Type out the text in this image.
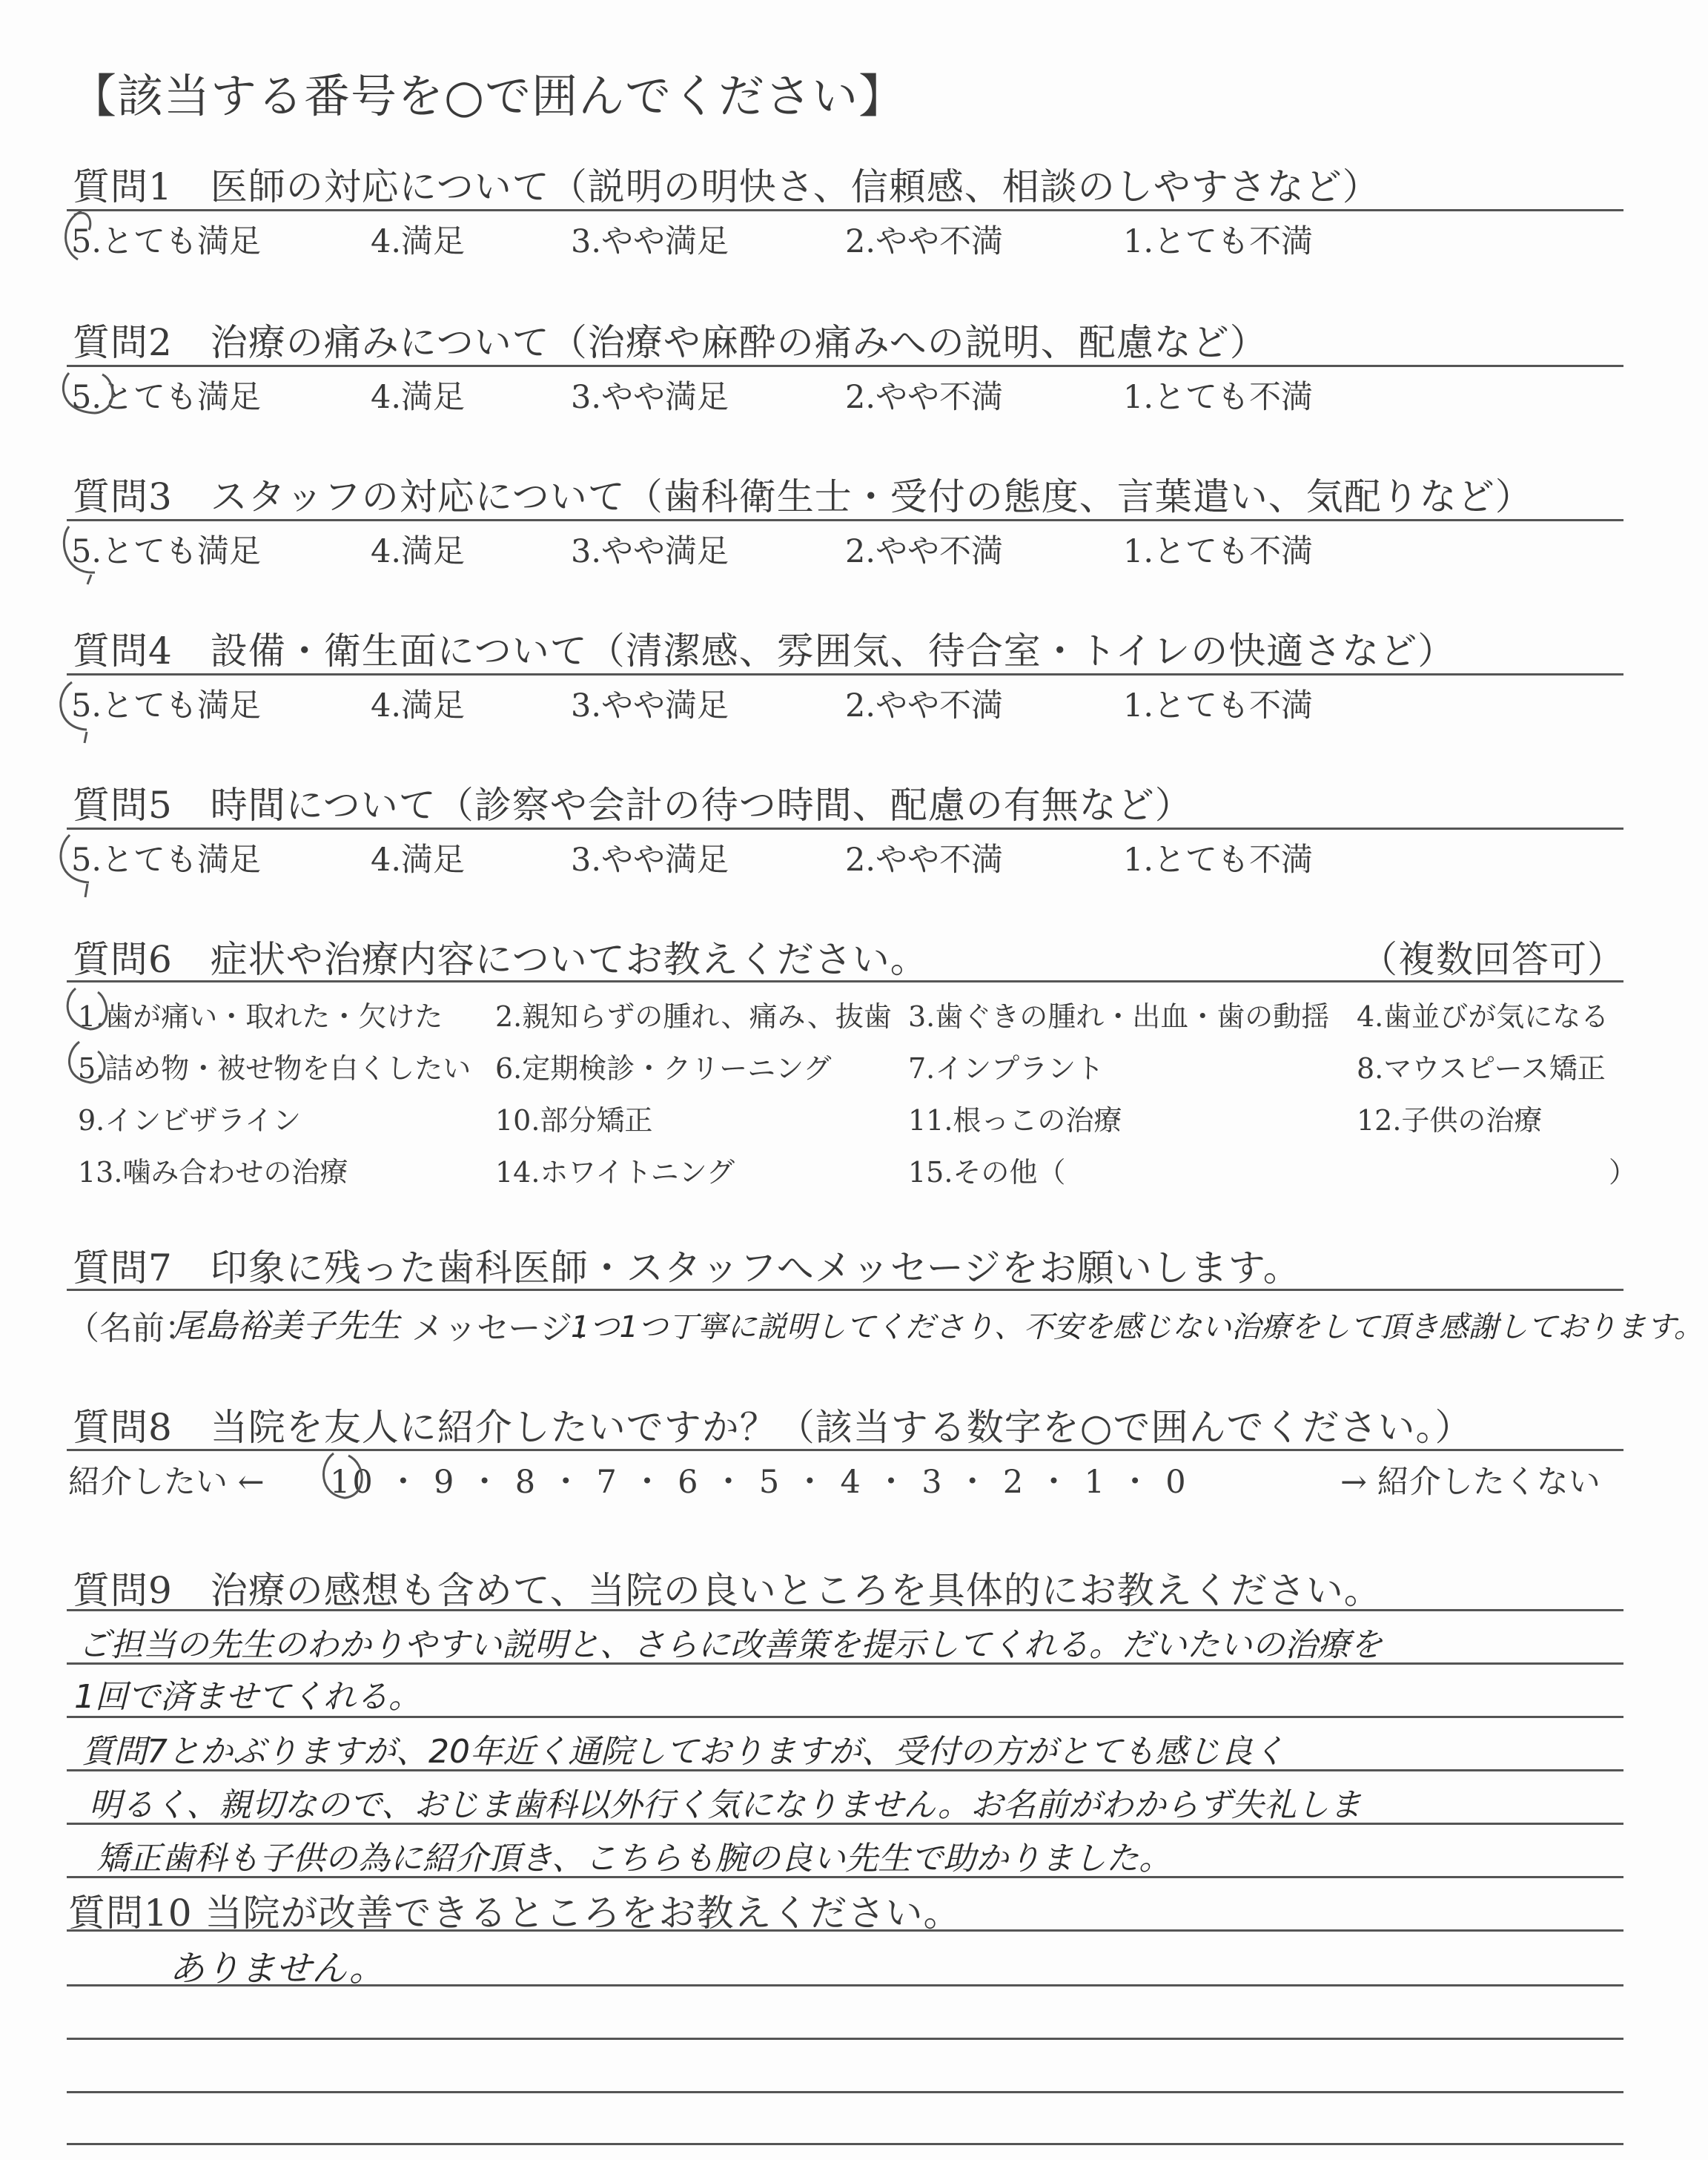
【該当する番号を○で囲んでください】
質問1　医師の対応について（説明の明快さ、信頼感、相談のしやすさなど）
5.とても満足	4.満足	3.やや満足	2.やや不満	1.とても不満
質問2　治療の痛みについて（治療や麻酔の痛みへの説明、配慮など）
5.とても満足	4.満足	3.やや満足	2.やや不満	1.とても不満
質問3　スタッフの対応について（歯科衛生士・受付の態度、言葉遣い、気配りなど）
5.とても満足	4.満足	3.やや満足	2.やや不満	1.とても不満
質問4　設備・衛生面について（清潔感、雰囲気、待合室・トイレの快適さなど）
5.とても満足	4.満足	3.やや満足	2.やや不満	1.とても不満
質問5　時間について（診察や会計の待つ時間、配慮の有無など）
5.とても満足	4.満足	3.やや満足	2.やや不満	1.とても不満
質問6　症状や治療内容についてお教えください。	（複数回答可）
1.歯が痛い・取れた・欠けた 2.親知らずの腫れ、痛み、抜歯 3.歯ぐきの腫れ・出血・歯の動揺 4.歯並びが気になる
5.詰め物・被せ物を白くしたい 6.定期検診・クリーニング	7.インプラント	8.マウスピース矯正
9.インビザライン	10.部分矯正	11.根っこの治療	12.子供の治療
13.噛み合わせの治療	14.ホワイトニング	15.その他（	）
質問7　印象に残った歯科医師・スタッフへメッセージをお願いします。
（名前：
尾島裕美子先生 メッセージ：
1つ1つ丁寧に説明してくださり、不安を感じない治療をして頂き感謝しております。
質問8　当院を友人に紹介したいですか？（該当する数字を○で囲んでください。）
紹介したい ← 10 ・ 9 ・ 8 ・ 7 ・ 6 ・ 5 ・ 4 ・ 3 ・ 2 ・ 1 ・ 0	→ 紹介したくない
質問9　治療の感想も含めて、当院の良いところを具体的にお教えください。
ご担当の先生のわかりやすい説明と、さらに改善策を提示してくれる。だいたいの治療を
1回で済ませてくれる。
質問7とかぶりますが、20年近く通院しておりますが、受付の方がとても感じ良く
明るく、親切なので、おじま歯科以外行く気になりません。お名前がわからず失礼しま
矯正歯科も子供の為に紹介頂き、こちらも腕の良い先生で助かりました。
質問10 当院が改善できるところをお教えください。
ありません。
